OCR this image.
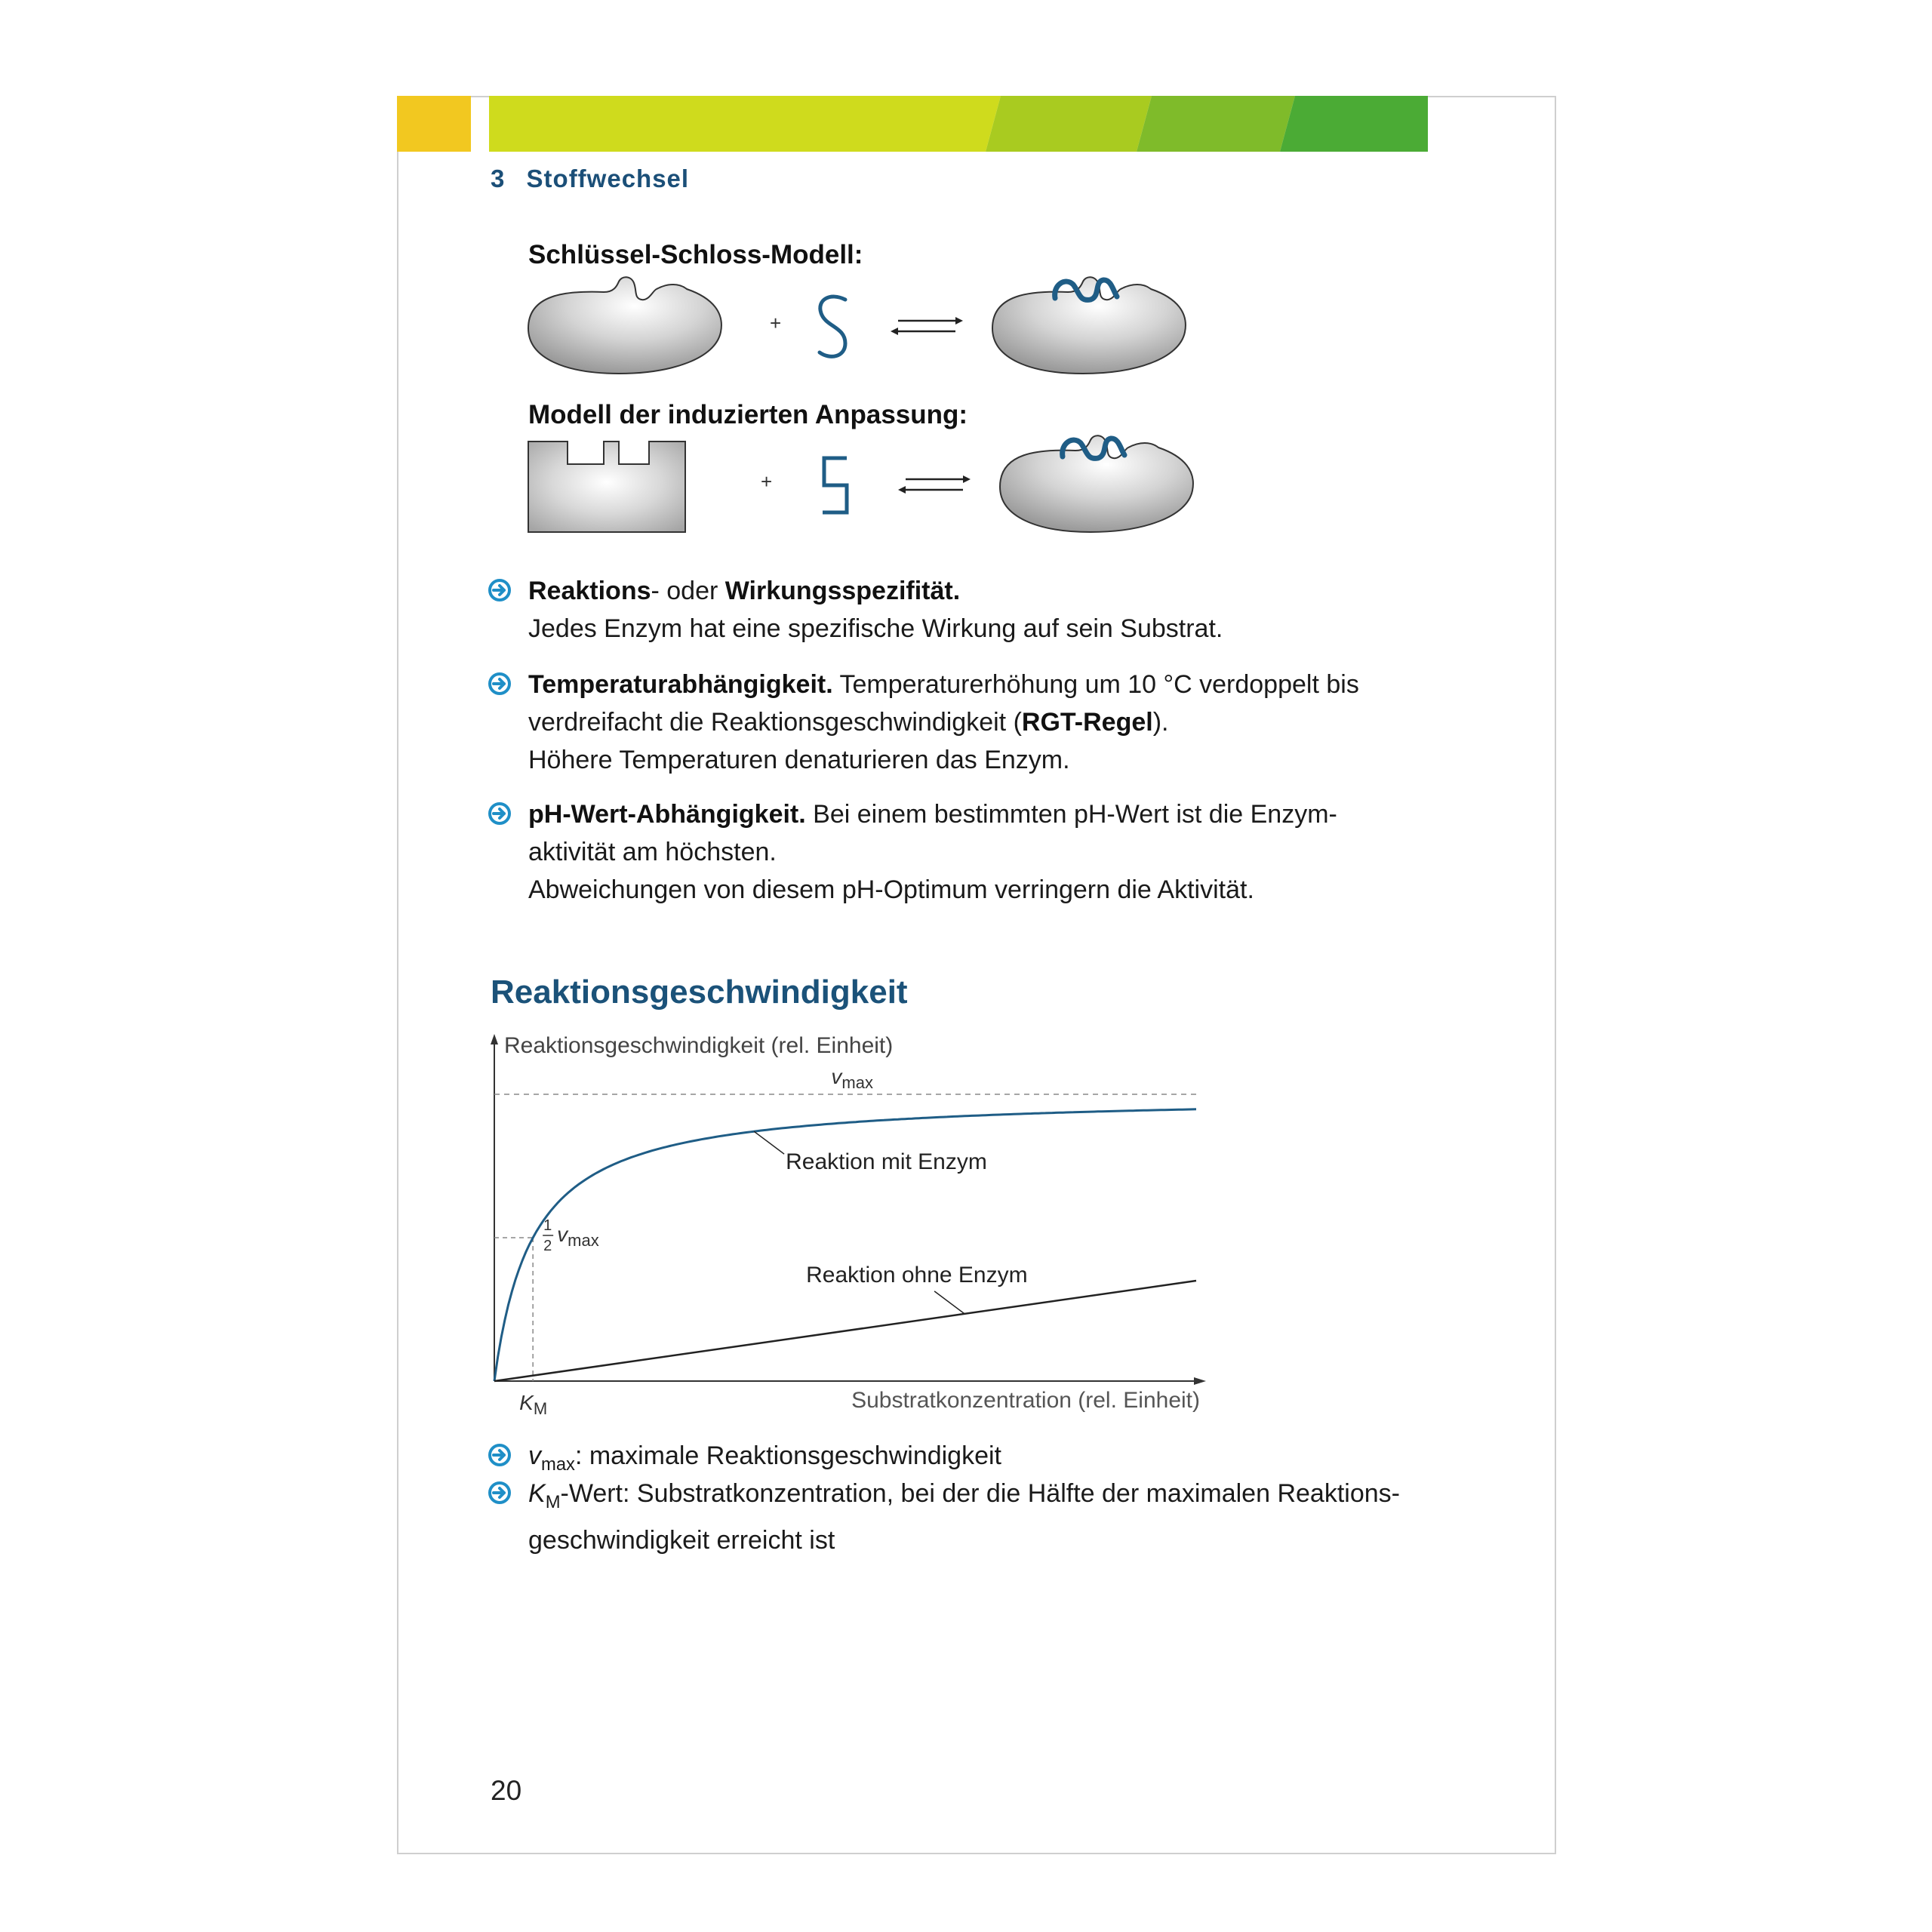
3 Stoffwechsel
Schlüssel-Schloss-Modell:
+
Modell der induzierten Anpassung:
+
Reaktions- oder Wirkungsspezifität.
Jedes Enzym hat eine spezifische Wirkung auf sein Substrat.
Temperaturabhängigkeit. Temperaturerhöhung um 10 °C verdoppelt bis
verdreifacht die Reaktionsgeschwindigkeit (RGT-Regel).
Höhere Temperaturen denaturieren das Enzym.
pH-Wert-Abhängigkeit. Bei einem bestimmten pH-Wert ist die Enzym-
aktivität am höchsten.
Abweichungen von diesem pH-Optimum verringern die Aktivität.
Reaktionsgeschwindigkeit
Reaktionsgeschwindigkeit (rel. Einheit)
Substratkonzentration (rel. Einheit)
$v_{max}$
1
2 $v_{max}$
$K_M$
Reaktion mit Enzym
Reaktion ohne Enzym
$v_{max}$: maximale Reaktionsgeschwindigkeit
$K_M$-Wert: Substratkonzentration, bei der die Hälfte der maximalen Reaktions-
geschwindigkeit erreicht ist
20
